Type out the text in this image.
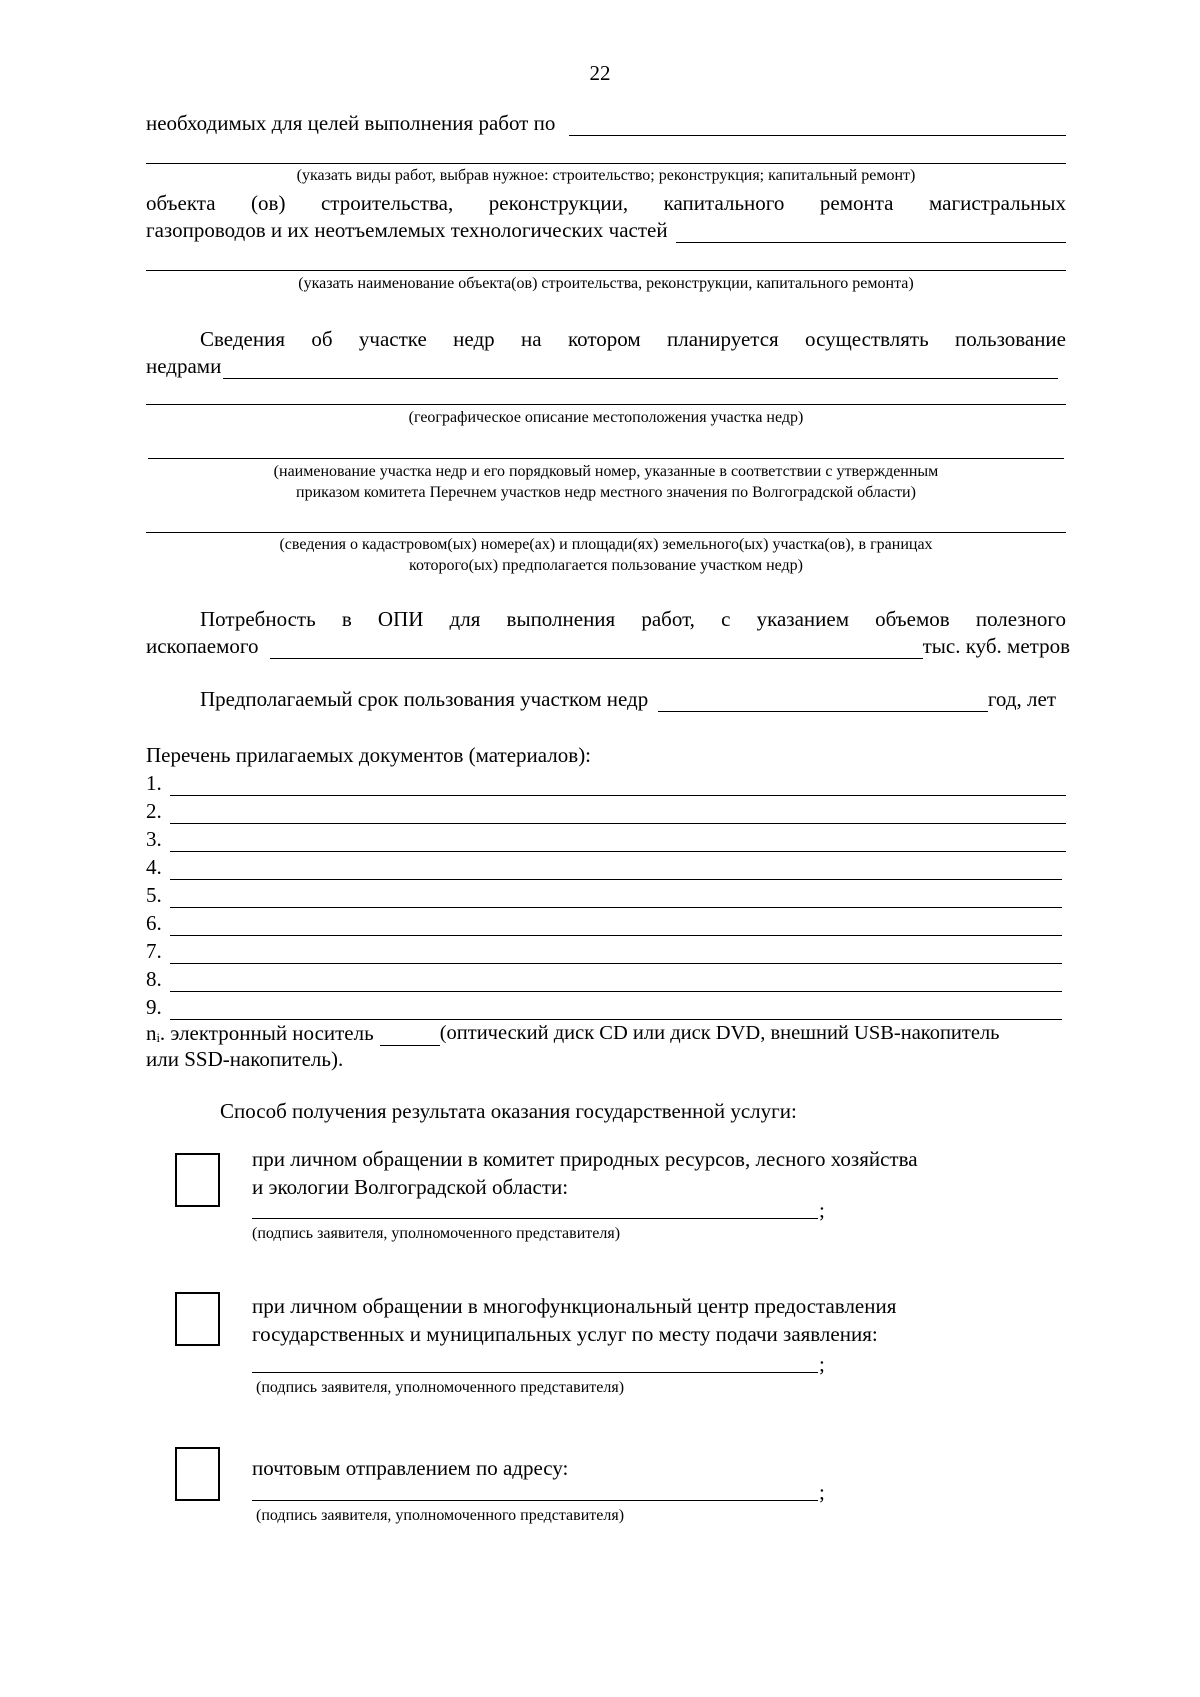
22
необходимых для целей выполнения работ по
(указать виды работ, выбрав нужное: строительство; реконструкция; капитальный ремонт)
объекта (ов) строительства, реконструкции, капитального ремонта магистральных
газопроводов и их неотъемлемых технологических частей
(указать наименование объекта(ов) строительства, реконструкции, капитального ремонта)
Сведения об участке недр на котором планируется осуществлять пользование
недрами
(географическое описание местоположения участка недр)
(наименование участка недр и его порядковый номер, указанные в соответствии с утвержденным
приказом комитета Перечнем участков недр местного значения по Волгоградской области)
(сведения о кадастровом(ых) номере(ах) и площади(ях) земельного(ых) участка(ов), в границах
которого(ых) предполагается пользование участком недр)
Потребность в ОПИ для выполнения работ, с указанием объемов полезного
ископаемого	тыс. куб. метров
Предполагаемый срок пользования участком недр	год, лет
Перечень прилагаемых документов (материалов):
1.
2.
3.
4.
5.
6.
7.
8.
9.
nᵢ. электронный носитель	(оптический диск CD или диск DVD, внешний USB-накопитель
или SSD-накопитель).
Способ получения результата оказания государственной услуги:
при личном обращении в комитет природных ресурсов, лесного хозяйства
и экологии Волгоградской области:
;
(подпись заявителя, уполномоченного представителя)
при личном обращении в многофункциональный центр предоставления
государственных и муниципальных услуг по месту подачи заявления:
;
(подпись заявителя, уполномоченного представителя)
почтовым отправлением по адресу:
;
(подпись заявителя, уполномоченного представителя)
